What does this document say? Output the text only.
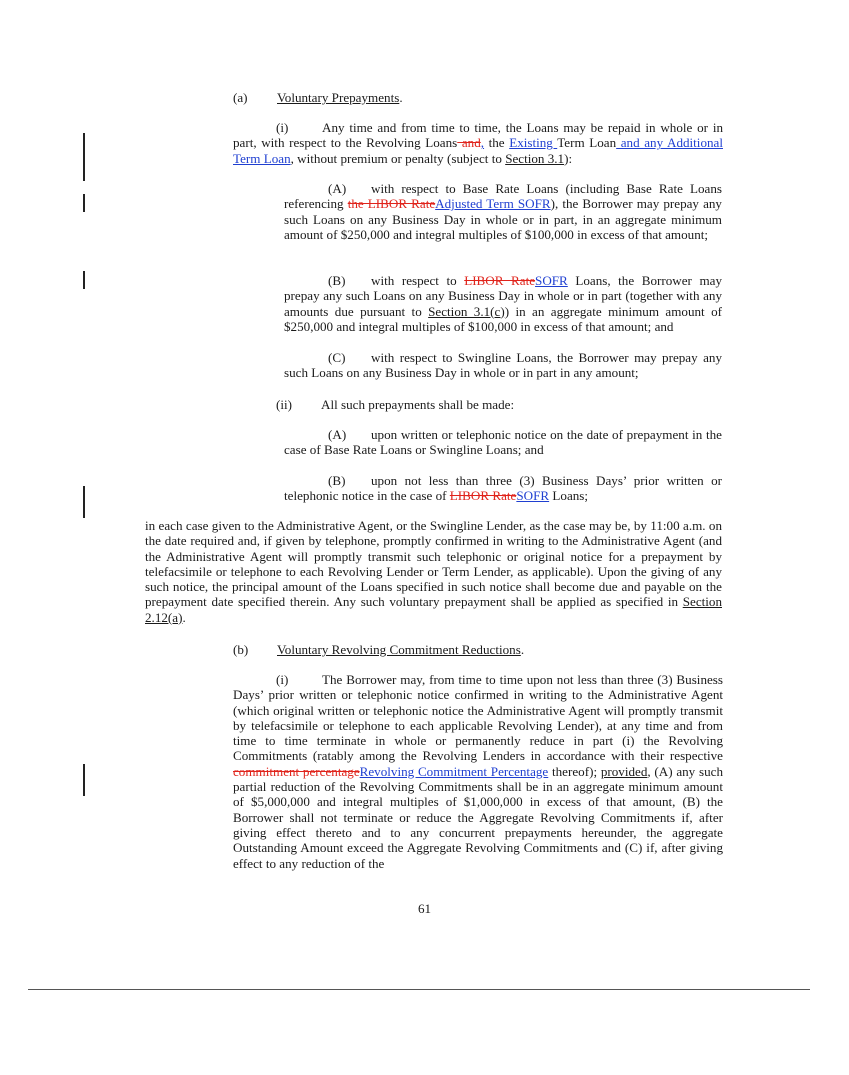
(a) Voluntary Prepayments.
(i)	Any time and from time to time, the Loans may be repaid in whole or in part, with respect to the Revolving Loans and, the Existing Term Loan and any Additional Term Loan, without premium or penalty (subject to Section 3.1):
(A) with respect to Base Rate Loans (including Base Rate Loans referencing the LIBOR RateAdjusted Term SOFR), the Borrower may prepay any such Loans on any Business Day in whole or in part, in an aggregate minimum amount of $250,000 and integral multiples of $100,000 in excess of that amount;
(B) with respect to LIBOR RateSOFR Loans, the Borrower may prepay any such Loans on any Business Day in whole or in part (together with any amounts due pursuant to Section 3.1(c)) in an aggregate minimum amount of $250,000 and integral multiples of $100,000 in excess of that amount; and
(C) with respect to Swingline Loans, the Borrower may prepay any such Loans on any Business Day in whole or in part in any amount;
(ii) All such prepayments shall be made:
(A) upon written or telephonic notice on the date of prepayment in the case of Base Rate Loans or Swingline Loans; and
(B) upon not less than three (3) Business Days’ prior written or telephonic notice in the case of LIBOR RateSOFR Loans;
in each case given to the Administrative Agent, or the Swingline Lender, as the case may be, by 11:00 a.m. on the date required and, if given by telephone, promptly confirmed in writing to the Administrative Agent (and the Administrative Agent will promptly transmit such telephonic or original notice for a prepayment by telefacsimile or telephone to each Revolving Lender or Term Lender, as applicable). Upon the giving of any such notice, the principal amount of the Loans specified in such notice shall become due and payable on the prepayment date specified therein. Any such voluntary prepayment shall be applied as specified in Section 2.12(a).
(b) Voluntary Revolving Commitment Reductions.
(i)	The Borrower may, from time to time upon not less than three (3) Business Days’ prior written or telephonic notice confirmed in writing to the Administrative Agent (which original written or telephonic notice the Administrative Agent will promptly transmit by telefacsimile or telephone to each applicable Revolving Lender), at any time and from time to time terminate in whole or permanently reduce in part (i) the Revolving Commitments (ratably among the Revolving Lenders in accordance with their respective commitment percentageRevolving Commitment Percentage thereof); provided, (A) any such partial reduction of the Revolving Commitments shall be in an aggregate minimum amount of $5,000,000 and integral multiples of $1,000,000 in excess of that amount, (B) the Borrower shall not terminate or reduce the Aggregate Revolving Commitments if, after giving effect thereto and to any concurrent prepayments hereunder, the aggregate Outstanding Amount exceed the Aggregate Revolving Commitments and (C) if, after giving effect to any reduction of the
61
